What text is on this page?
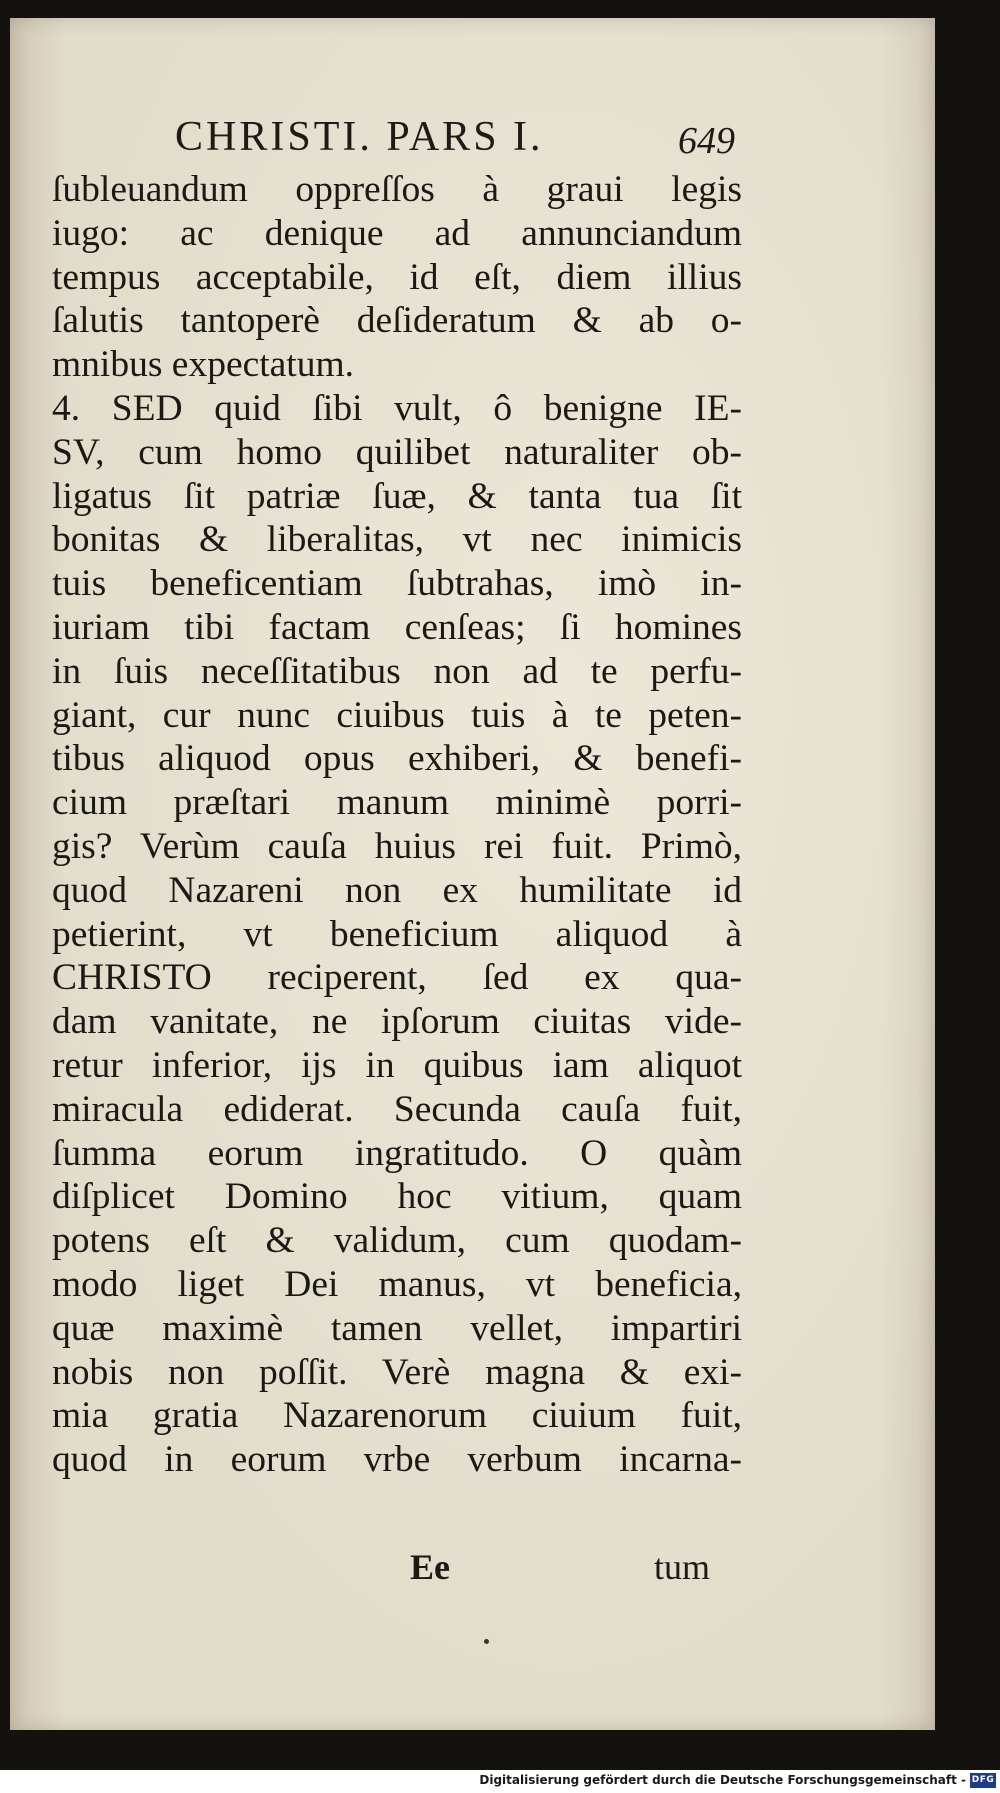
CHRISTI. PARS I.	649
ſubleuandum oppreſſos à graui legis
iugo: ac denique ad annunciandum
tempus acceptabile, id eſt, diem illius
ſalutis tantoperè deſideratum & ab o-
mnibus expectatum.
4. SED quid ſibi vult, ô benigne IE-
SV, cum homo quilibet naturaliter ob-
ligatus ſit patriæ ſuæ, & tanta tua ſit
bonitas & liberalitas, vt nec inimicis
tuis beneficentiam ſubtrahas, imò in-
iuriam tibi factam cenſeas; ſi homines
in ſuis neceſſitatibus non ad te perfu-
giant, cur nunc ciuibus tuis à te peten-
tibus aliquod opus exhiberi, & benefi-
cium præſtari manum minimè porri-
gis? Verùm cauſa huius rei fuit. Primò,
quod Nazareni non ex humilitate id
petierint, vt beneficium aliquod à
CHRISTO reciperent, ſed ex qua-
dam vanitate, ne ipſorum ciuitas vide-
retur inferior, ijs in quibus iam aliquot
miracula ediderat. Secunda cauſa fuit,
ſumma eorum ingratitudo. O quàm
diſplicet Domino hoc vitium, quam
potens eſt & validum, cum quodam-
modo liget Dei manus, vt beneficia,
quæ maximè tamen vellet, impartiri
nobis non poſſit. Verè magna & exi-
mia gratia Nazarenorum ciuium fuit,
quod in eorum vrbe verbum incarna-
Ee	tum
Digitalisierung gefördert durch die Deutsche Forschungsgemeinschaft - DFG
